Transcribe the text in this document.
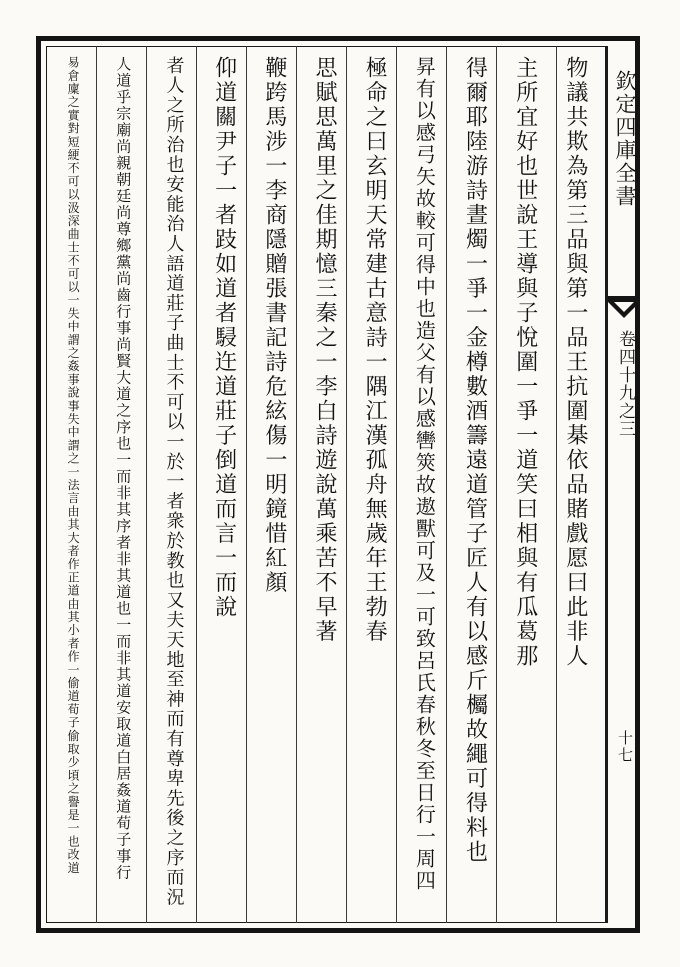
欽定四庫全書
卷四十九之三
十七
物議共欺為第三品與第一品王抗圍棊依品賭戲愿曰此非人
主所宜好也世說王導與子悅圍一爭一道笑曰相與有瓜葛那
得爾耶陸游詩晝燭一爭一金樽數酒籌遠道管子匠人有以感斤欘故繩可得料也
昇有以感弓矢故較可得中也造父有以感轡筴故遨獸可及一可致呂氏春秋冬至日行一周四
極命之曰玄明天常建古意詩一隅江漢孤舟無歲年王勃春
思賦思萬里之佳期憶三秦之一李白詩遊說萬乘苦不早著
鞭跨馬涉一李商隱贈張書記詩危絃傷一明鏡惜紅顏
仰道關尹子一者跂如道者駸迕道莊子倒道而言一而說
者人之所治也安能治人語道莊子曲士不可以一於一者衆於教也又夫天地至神而有尊卑先後之序而況
人道乎宗廟尚親朝廷尚尊鄉黨尚齒行事尚賢大道之序也一而非其序者非其道也一而非其道安取道白居姦道荀子事行
易倉廩之實對短綆不可以汲深曲士不可以一失中謂之姦事說事失中謂之一法言由其大者作正道由其小者作一偷道荀子偷取少頃之譽是一也改道
